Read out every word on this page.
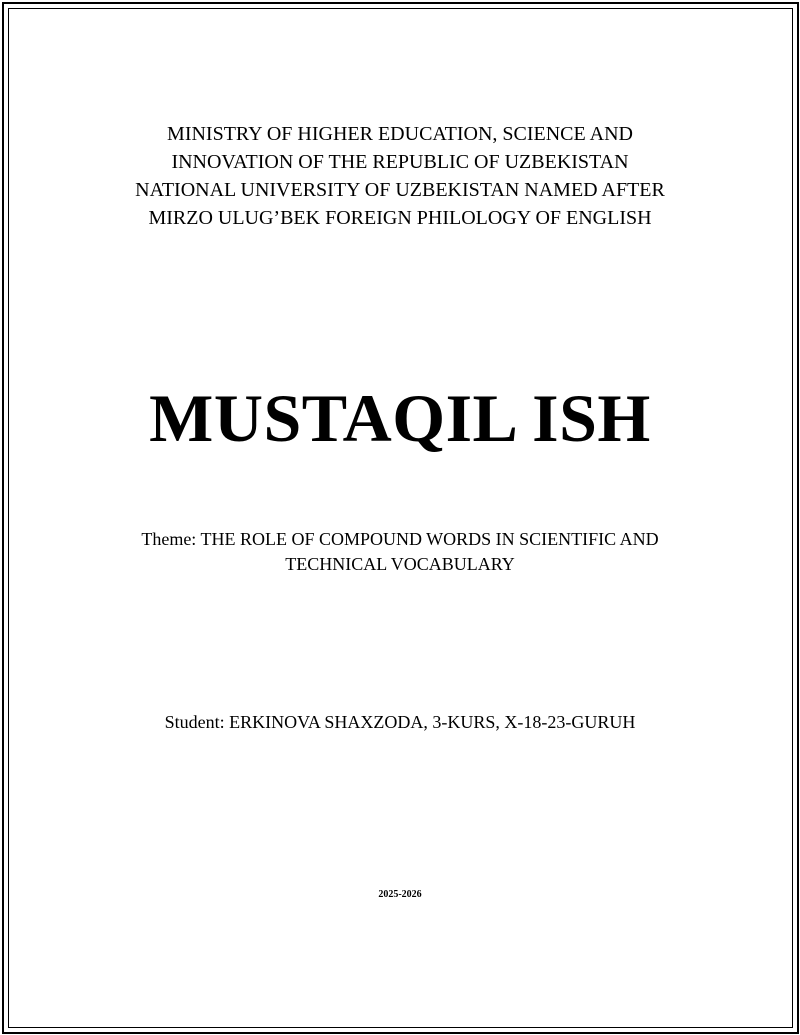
MINISTRY OF HIGHER EDUCATION, SCIENCE AND
INNOVATION OF THE REPUBLIC OF UZBEKISTAN
NATIONAL UNIVERSITY OF UZBEKISTAN NAMED AFTER
MIRZO ULUG’BEK FOREIGN PHILOLOGY OF ENGLISH
MUSTAQIL ISH
Theme: THE ROLE OF COMPOUND WORDS IN SCIENTIFIC AND
TECHNICAL VOCABULARY
Student: ERKINOVA SHAXZODA, 3-KURS, X-18-23-GURUH
2025-2026
